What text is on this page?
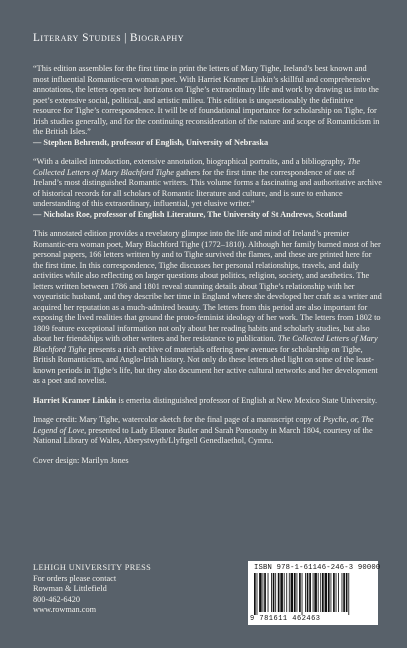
Literary Studies | Biography

“This edition assembles for the first time in print the letters of Mary Tighe, Ireland’s best known and most influential Romantic-era woman poet. With Harriet Kramer Linkin’s skillful and comprehensive annotations, the letters open new horizons on Tighe’s extraordinary life and work by drawing us into the poet’s extensive social, political, and artistic milieu. This edition is unquestionably the definitive resource for Tighe’s correspondence. It will be of foundational importance for scholarship on Tighe, for Irish studies generally, and for the continuing reconsideration of the nature and scope of Romanticism in the British Isles.”
— Stephen Behrendt, professor of English, University of Nebraska

“With a detailed introduction, extensive annotation, biographical portraits, and a bibliography, The Collected Letters of Mary Blachford Tighe gathers for the first time the correspondence of one of Ireland’s most distinguished Romantic writers. This volume forms a fascinating and authoritative archive of historical records for all scholars of Romantic literature and culture, and is sure to enhance understanding of this extraordinary, influential, yet elusive writer.”
— Nicholas Roe, professor of English Literature, The University of St Andrews, Scotland

This annotated edition provides a revelatory glimpse into the life and mind of Ireland’s premier Romantic-era woman poet, Mary Blachford Tighe (1772–1810). Although her family burned most of her personal papers, 166 letters written by and to Tighe survived the flames, and these are printed here for the first time. In this correspondence, Tighe discusses her personal relationships, travels, and daily activities while also reflecting on larger questions about politics, religion, society, and aesthetics. The letters written between 1786 and 1801 reveal stunning details about Tighe’s relationship with her voyeuristic husband, and they describe her time in England where she developed her craft as a writer and acquired her reputation as a much-admired beauty. The letters from this period are also important for exposing the lived realities that ground the proto-feminist ideology of her work. The letters from 1802 to 1809 feature exceptional information not only about her reading habits and scholarly studies, but also about her friendships with other writers and her resistance to publication. The Collected Letters of Mary Blachford Tighe presents a rich archive of materials offering new avenues for scholarship on Tighe, British Romanticism, and Anglo-Irish history. Not only do these letters shed light on some of the least-known periods in Tighe’s life, but they also document her active cultural networks and her development as a poet and novelist.

Harriet Kramer Linkin is emerita distinguished professor of English at New Mexico State University.

Image credit: Mary Tighe, watercolor sketch for the final page of a manuscript copy of Psyche, or, The Legend of Love, presented to Lady Eleanor Butler and Sarah Ponsonby in March 1804, courtesy of the National Library of Wales, Aberystwyth/Llyfrgell Genedlaethol, Cymru.

Cover design: Marilyn Jones

LEHIGH UNIVERSITY PRESS
For orders please contact
Rowman & Littlefield
800-462-6420
www.rowman.com
ISBN 978-1-61146-246-3 90000
9 781611 462463
